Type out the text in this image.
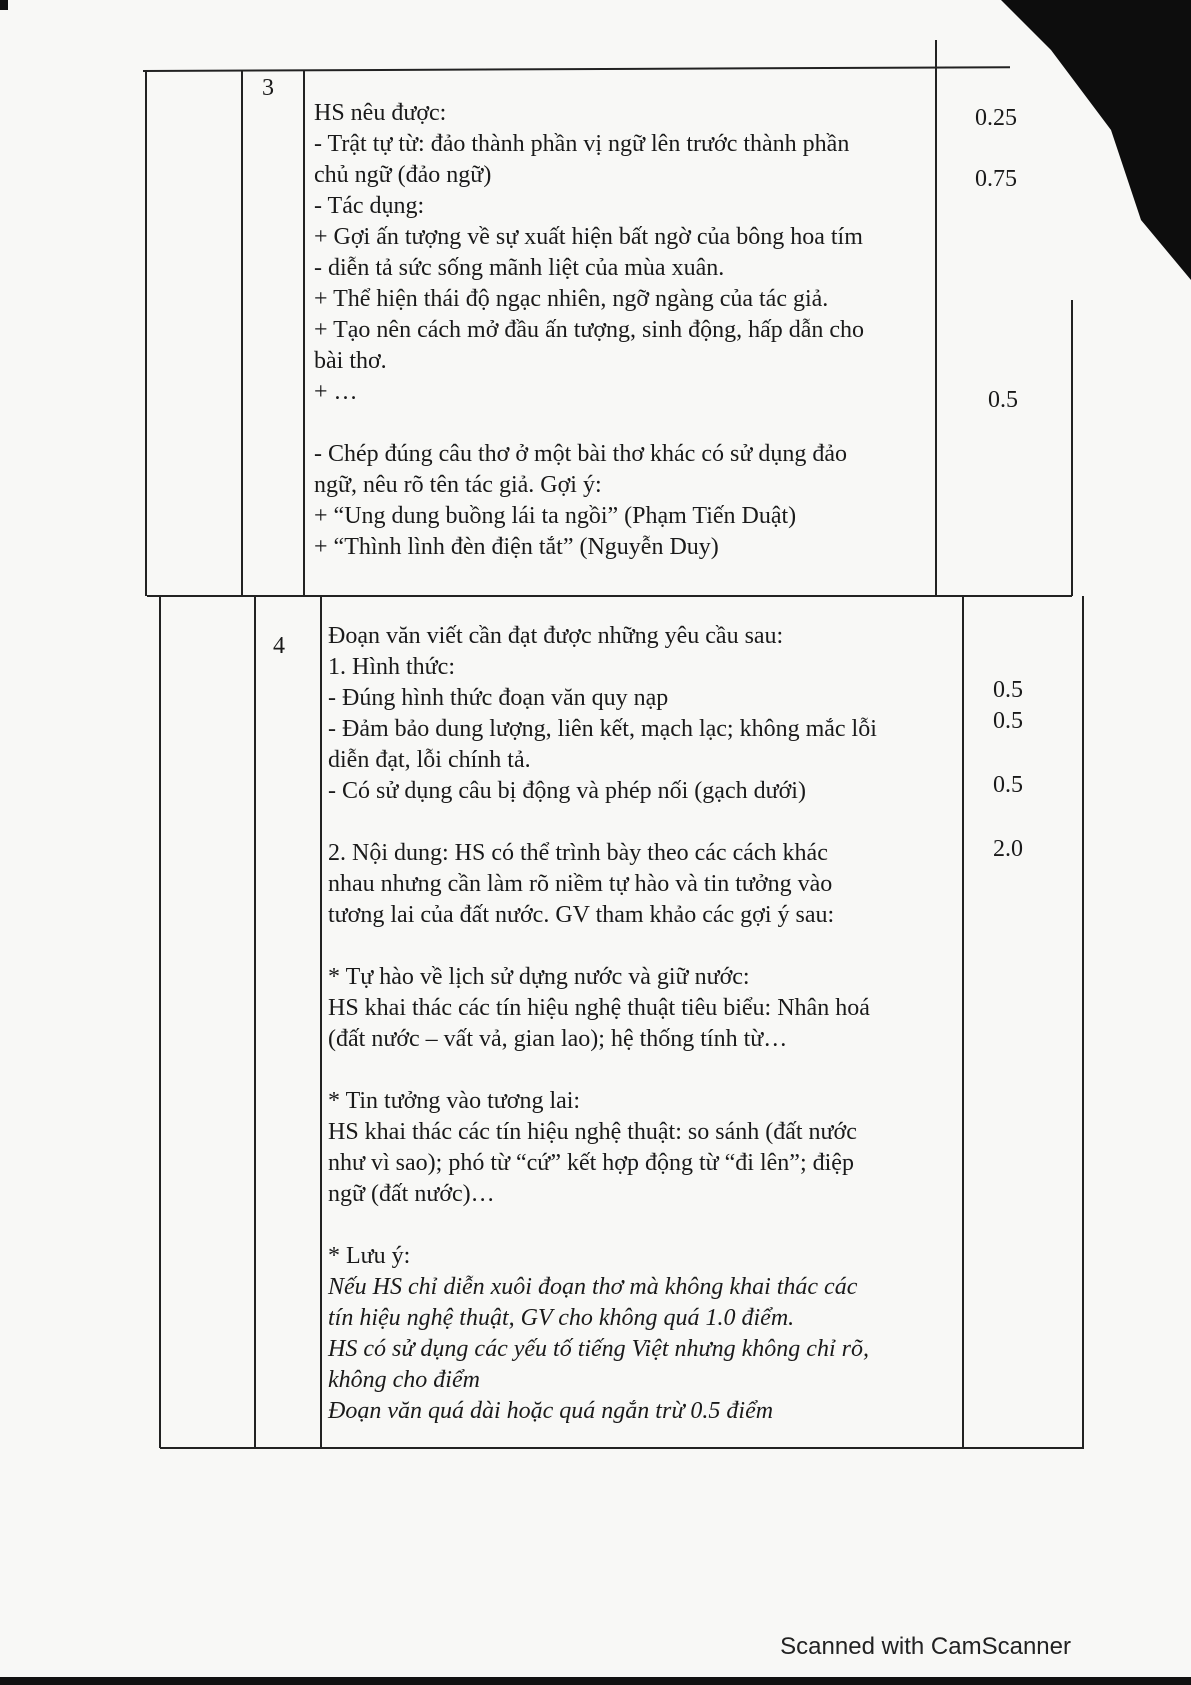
3
HS nêu được:
- Trật tự từ: đảo thành phần vị ngữ lên trước thành phần
chủ ngữ (đảo ngữ)
- Tác dụng:
+ Gợi ấn tượng về sự xuất hiện bất ngờ của bông hoa tím
- diễn tả sức sống mãnh liệt của mùa xuân.
+ Thể hiện thái độ ngạc nhiên, ngỡ ngàng của tác giả.
+ Tạo nên cách mở đầu ấn tượng, sinh động, hấp dẫn cho
bài thơ.
+ …
- Chép đúng câu thơ ở một bài thơ khác có sử dụng đảo
ngữ, nêu rõ tên tác giả. Gợi ý:
+ “Ung dung buồng lái ta ngồi” (Phạm Tiến Duật)
+ “Thình lình đèn điện tắt” (Nguyễn Duy)
0.25
0.75
0.5
4 Đoạn văn viết cần đạt được những yêu cầu sau:
1. Hình thức:
- Đúng hình thức đoạn văn quy nạp
- Đảm bảo dung lượng, liên kết, mạch lạc; không mắc lỗi
diễn đạt, lỗi chính tả.
- Có sử dụng câu bị động và phép nối (gạch dưới)
2. Nội dung: HS có thể trình bày theo các cách khác
nhau nhưng cần làm rõ niềm tự hào và tin tưởng vào
tương lai của đất nước. GV tham khảo các gợi ý sau:
* Tự hào về lịch sử dựng nước và giữ nước:
HS khai thác các tín hiệu nghệ thuật tiêu biểu: Nhân hoá
(đất nước – vất vả, gian lao); hệ thống tính từ…
* Tin tưởng vào tương lai:
HS khai thác các tín hiệu nghệ thuật: so sánh (đất nước
như vì sao); phó từ “cứ” kết hợp động từ “đi lên”; điệp
ngữ (đất nước)…
* Lưu ý:
Nếu HS chỉ diễn xuôi đoạn thơ mà không khai thác các
tín hiệu nghệ thuật, GV cho không quá 1.0 điểm.
HS có sử dụng các yếu tố tiếng Việt nhưng không chỉ rõ,
không cho điểm
Đoạn văn quá dài hoặc quá ngắn trừ 0.5 điểm
0.5
0.5
0.5
2.0
Scanned with CamScanner
